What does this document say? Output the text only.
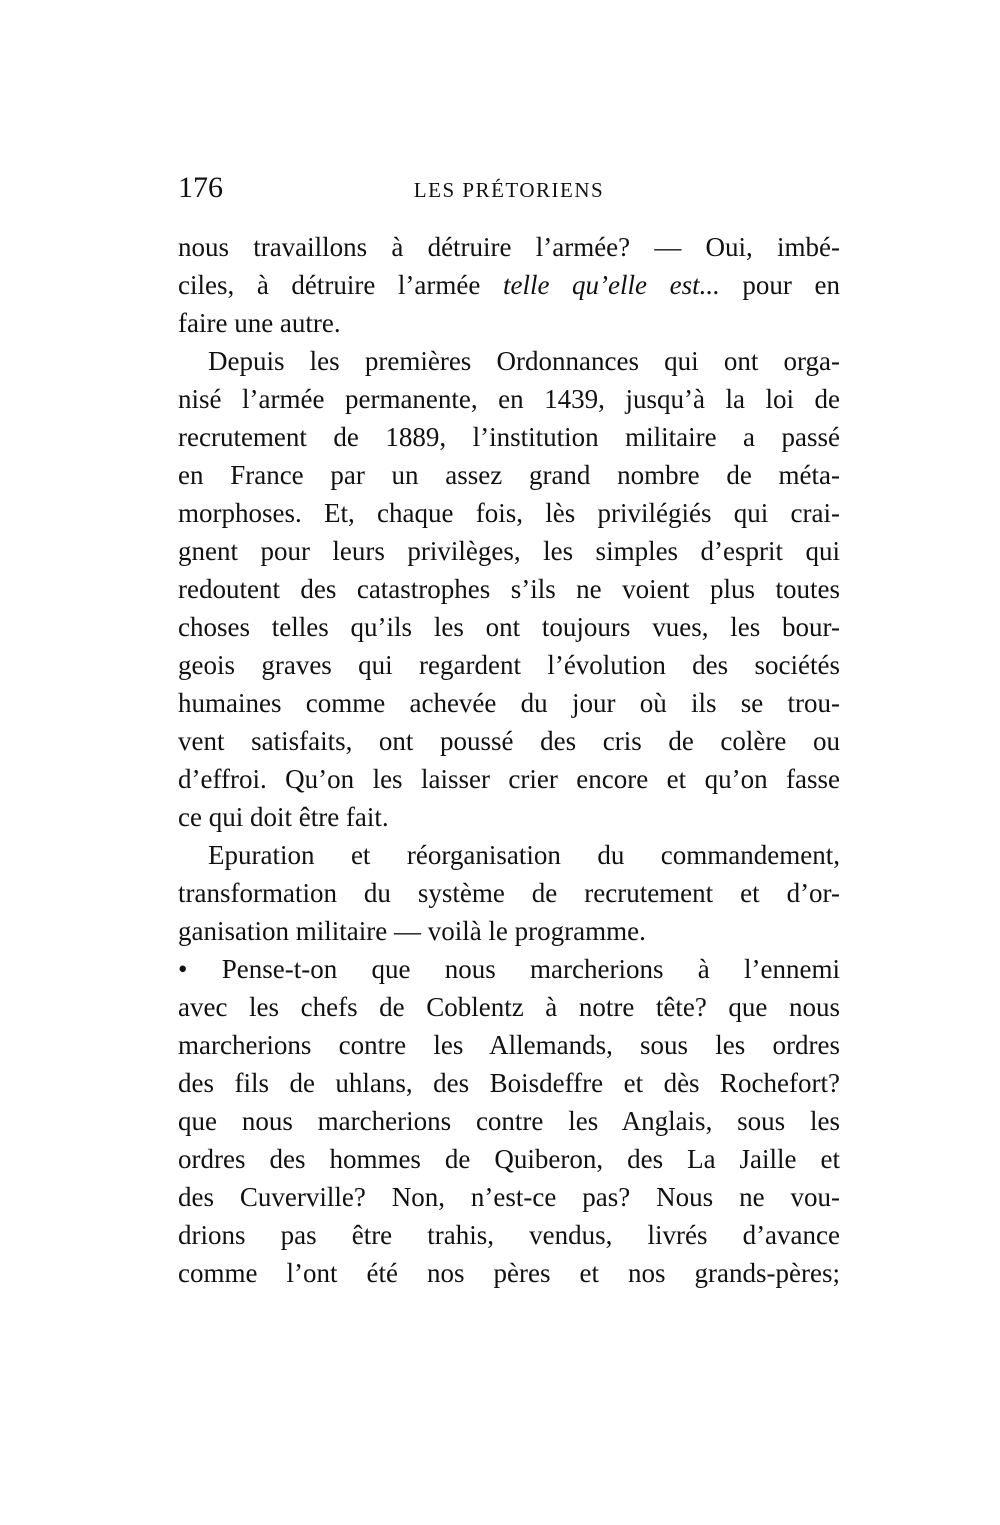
176	LES PRÉTORIENS
nous travaillons à détruire l’armée? — Oui, imbé-
ciles, à détruire l’armée telle qu’elle est... pour en
faire une autre.
Depuis les premières Ordonnances qui ont orga-
nisé l’armée permanente, en 1439, jusqu’à la loi de
recrutement de 1889, l’institution militaire a passé
en France par un assez grand nombre de méta-
morphoses. Et, chaque fois, lès privilégiés qui crai-
gnent pour leurs privilèges, les simples d’esprit qui
redoutent des catastrophes s’ils ne voient plus toutes
choses telles qu’ils les ont toujours vues, les bour-
geois graves qui regardent l’évolution des sociétés
humaines comme achevée du jour où ils se trou-
vent satisfaits, ont poussé des cris de colère ou
d’effroi. Qu’on les laisser crier encore et qu’on fasse
ce qui doit être fait.
Epuration et réorganisation du commandement,
transformation du système de recrutement et d’or-
ganisation militaire — voilà le programme.
• Pense-t-on que nous marcherions à l’ennemi
avec les chefs de Coblentz à notre tête? que nous
marcherions contre les Allemands, sous les ordres
des fils de uhlans, des Boisdeffre et dès Rochefort?
que nous marcherions contre les Anglais, sous les
ordres des hommes de Quiberon, des La Jaille et
des Cuverville? Non, n’est-ce pas? Nous ne vou-
drions pas être trahis, vendus, livrés d’avance
comme l’ont été nos pères et nos grands-pères;
